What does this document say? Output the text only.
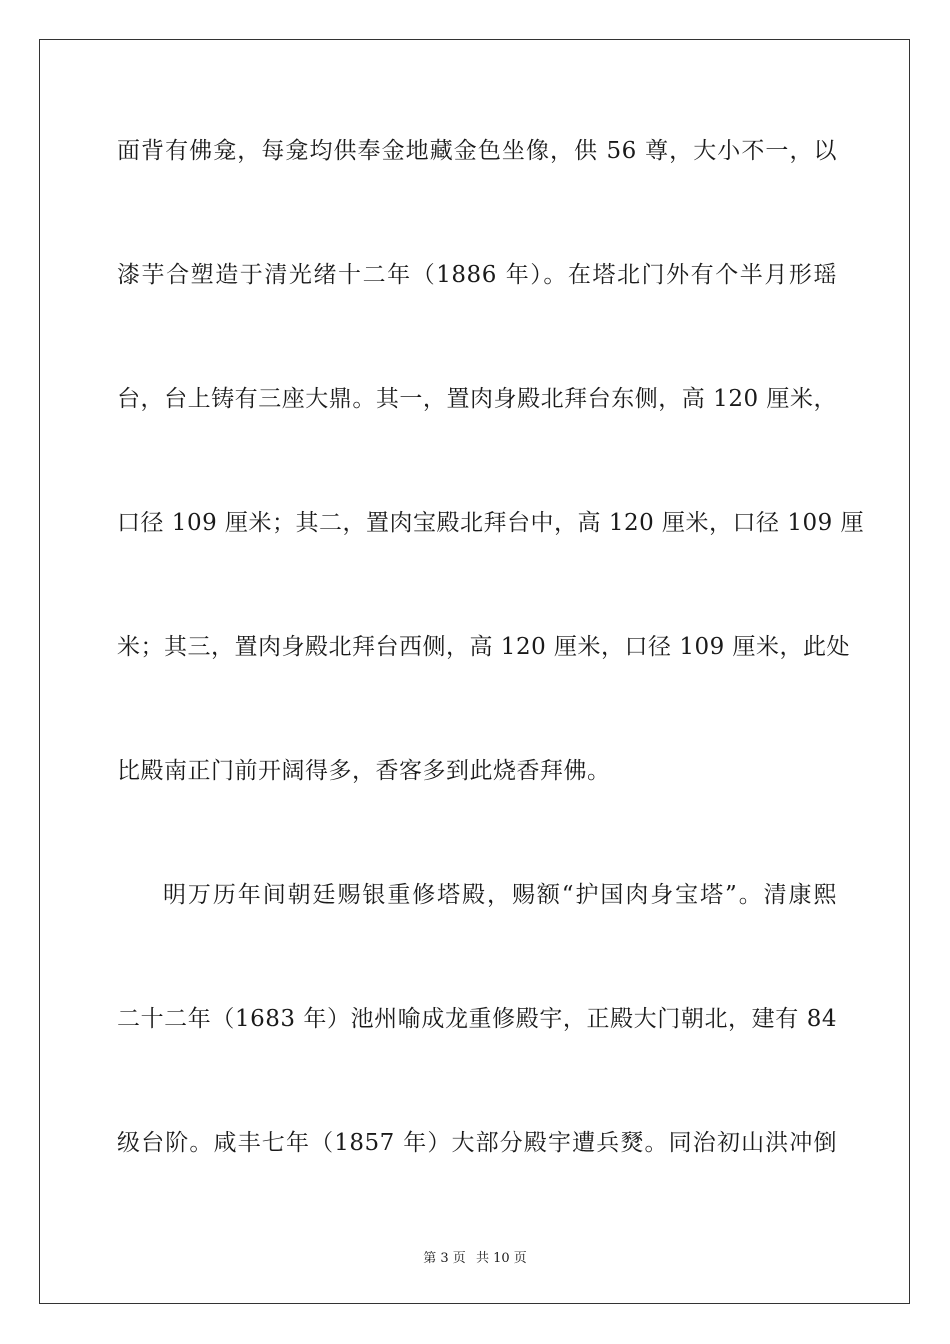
面背有佛龛，每龛均供奉金地藏金色坐像，供 56 尊，大小不一，以
漆芋合塑造于清光绪十二年（1886 年）。在塔北门外有个半月形瑶
台，台上铸有三座大鼎。其一，置肉身殿北拜台东侧，高 120 厘米，
口径 109 厘米；其二，置肉宝殿北拜台中，高 120 厘米，口径 109 厘
米；其三，置肉身殿北拜台西侧，高 120 厘米，口径 109 厘米，此处
比殿南正门前开阔得多，香客多到此烧香拜佛。
明万历年间朝廷赐银重修塔殿，赐额“护国肉身宝塔”。清康熙
二十二年（1683 年）池州喻成龙重修殿宇，正殿大门朝北，建有 84
级台阶。咸丰七年（1857 年）大部分殿宇遭兵燹。同治初山洪冲倒
第 3 页 共 10 页
